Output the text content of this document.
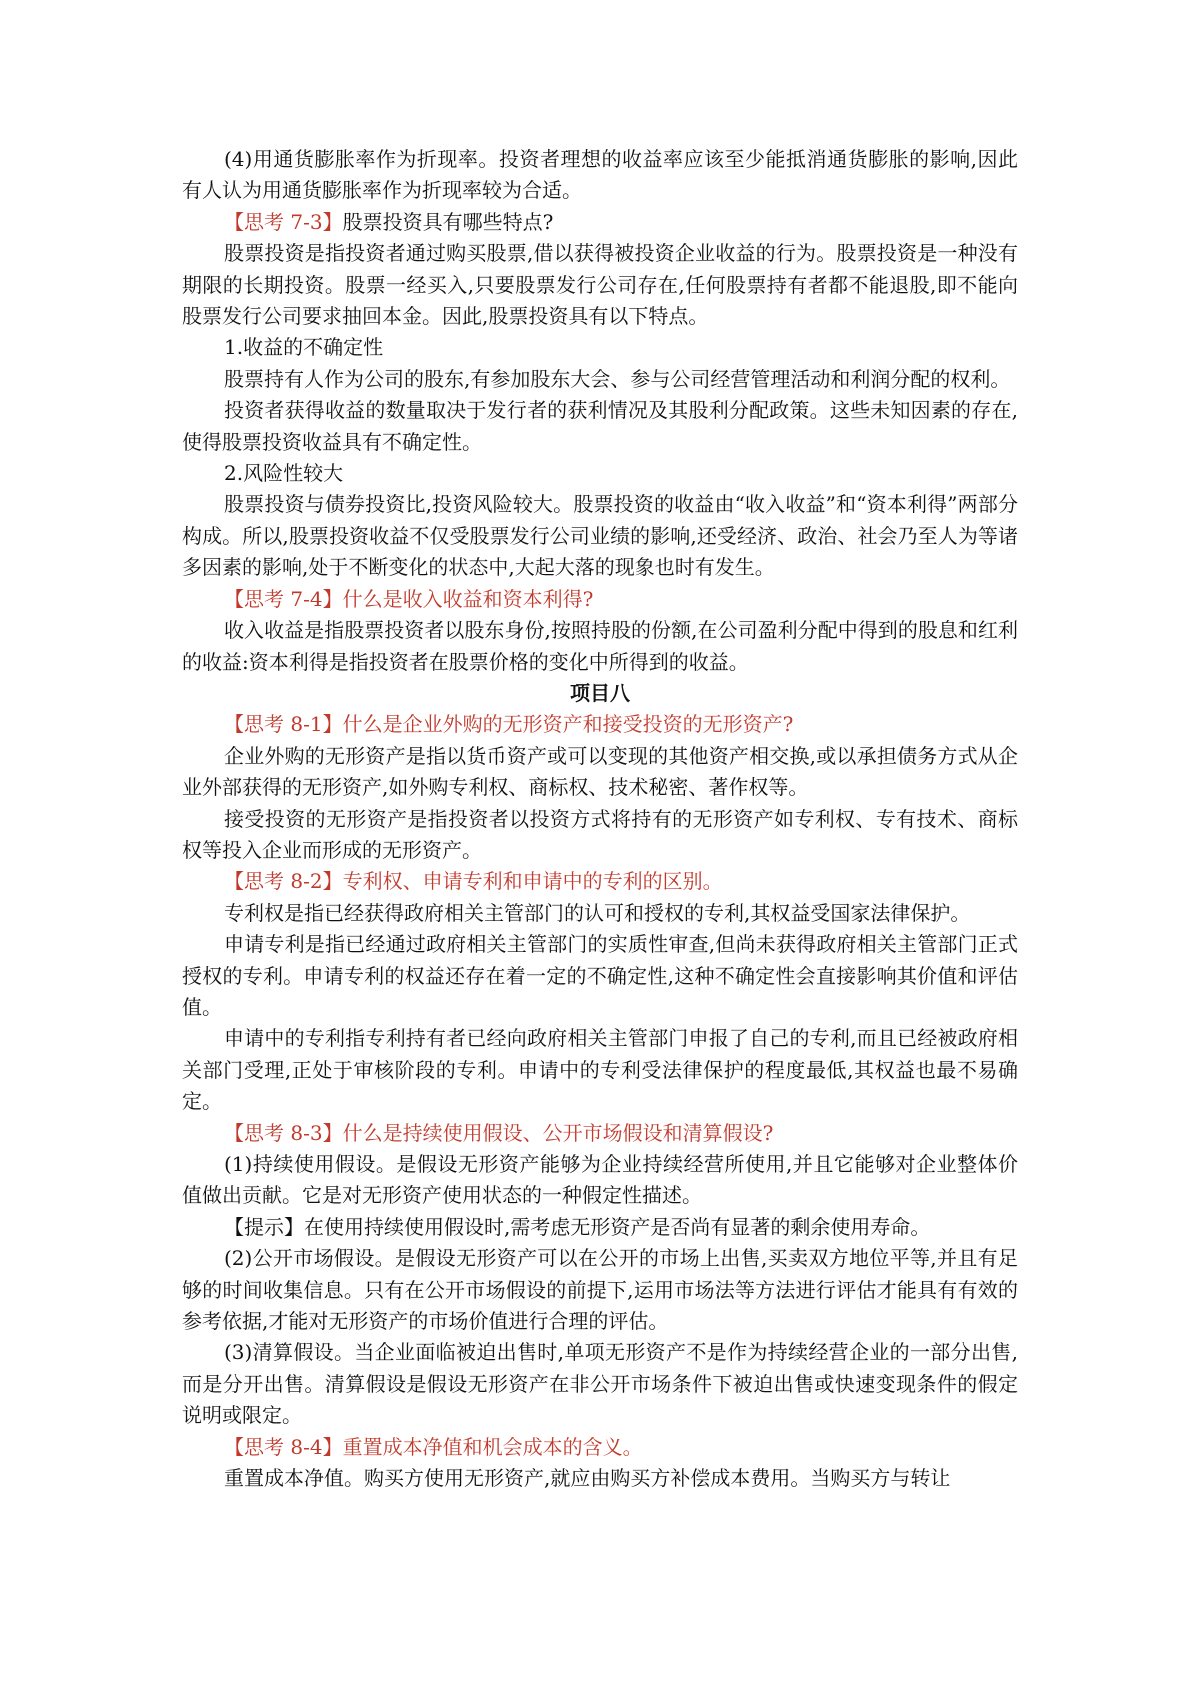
(4)用通货膨胀率作为折现率。投资者理想的收益率应该至少能抵消通货膨胀的影响,因此有人认为用通货膨胀率作为折现率较为合适。

【思考 7-3】股票投资具有哪些特点?

股票投资是指投资者通过购买股票,借以获得被投资企业收益的行为。股票投资是一种没有期限的长期投资。股票一经买入,只要股票发行公司存在,任何股票持有者都不能退股,即不能向股票发行公司要求抽回本金。因此,股票投资具有以下特点。

1.收益的不确定性

股票持有人作为公司的股东,有参加股东大会、参与公司经营管理活动和利润分配的权利。

投资者获得收益的数量取决于发行者的获利情况及其股利分配政策。这些未知因素的存在,使得股票投资收益具有不确定性。

2.风险性较大

股票投资与债券投资比,投资风险较大。股票投资的收益由“收入收益”和“资本利得”两部分构成。所以,股票投资收益不仅受股票发行公司业绩的影响,还受经济、政治、社会乃至人为等诸多因素的影响,处于不断变化的状态中,大起大落的现象也时有发生。

【思考 7-4】什么是收入收益和资本利得?

收入收益是指股票投资者以股东身份,按照持股的份额,在公司盈利分配中得到的股息和红利的收益:资本利得是指投资者在股票价格的变化中所得到的收益。

项目八

【思考 8-1】什么是企业外购的无形资产和接受投资的无形资产?

企业外购的无形资产是指以货币资产或可以变现的其他资产相交换,或以承担债务方式从企业外部获得的无形资产,如外购专利权、商标权、技术秘密、著作权等。

接受投资的无形资产是指投资者以投资方式将持有的无形资产如专利权、专有技术、商标权等投入企业而形成的无形资产。

【思考 8-2】专利权、申请专利和申请中的专利的区别。

专利权是指已经获得政府相关主管部门的认可和授权的专利,其权益受国家法律保护。

申请专利是指已经通过政府相关主管部门的实质性审查,但尚未获得政府相关主管部门正式授权的专利。申请专利的权益还存在着一定的不确定性,这种不确定性会直接影响其价值和评估值。

申请中的专利指专利持有者已经向政府相关主管部门申报了自己的专利,而且已经被政府相关部门受理,正处于审核阶段的专利。申请中的专利受法律保护的程度最低,其权益也最不易确定。

【思考 8-3】什么是持续使用假设、公开市场假设和清算假设?

(1)持续使用假设。是假设无形资产能够为企业持续经营所使用,并且它能够对企业整体价值做出贡献。它是对无形资产使用状态的一种假定性描述。

【提示】在使用持续使用假设时,需考虑无形资产是否尚有显著的剩余使用寿命。

(2)公开市场假设。是假设无形资产可以在公开的市场上出售,买卖双方地位平等,并且有足够的时间收集信息。只有在公开市场假设的前提下,运用市场法等方法进行评估才能具有有效的参考依据,才能对无形资产的市场价值进行合理的评估。

(3)清算假设。当企业面临被迫出售时,单项无形资产不是作为持续经营企业的一部分出售,而是分开出售。清算假设是假设无形资产在非公开市场条件下被迫出售或快速变现条件的假定说明或限定。

【思考 8-4】重置成本净值和机会成本的含义。

重置成本净值。购买方使用无形资产,就应由购买方补偿成本费用。当购买方与转让
